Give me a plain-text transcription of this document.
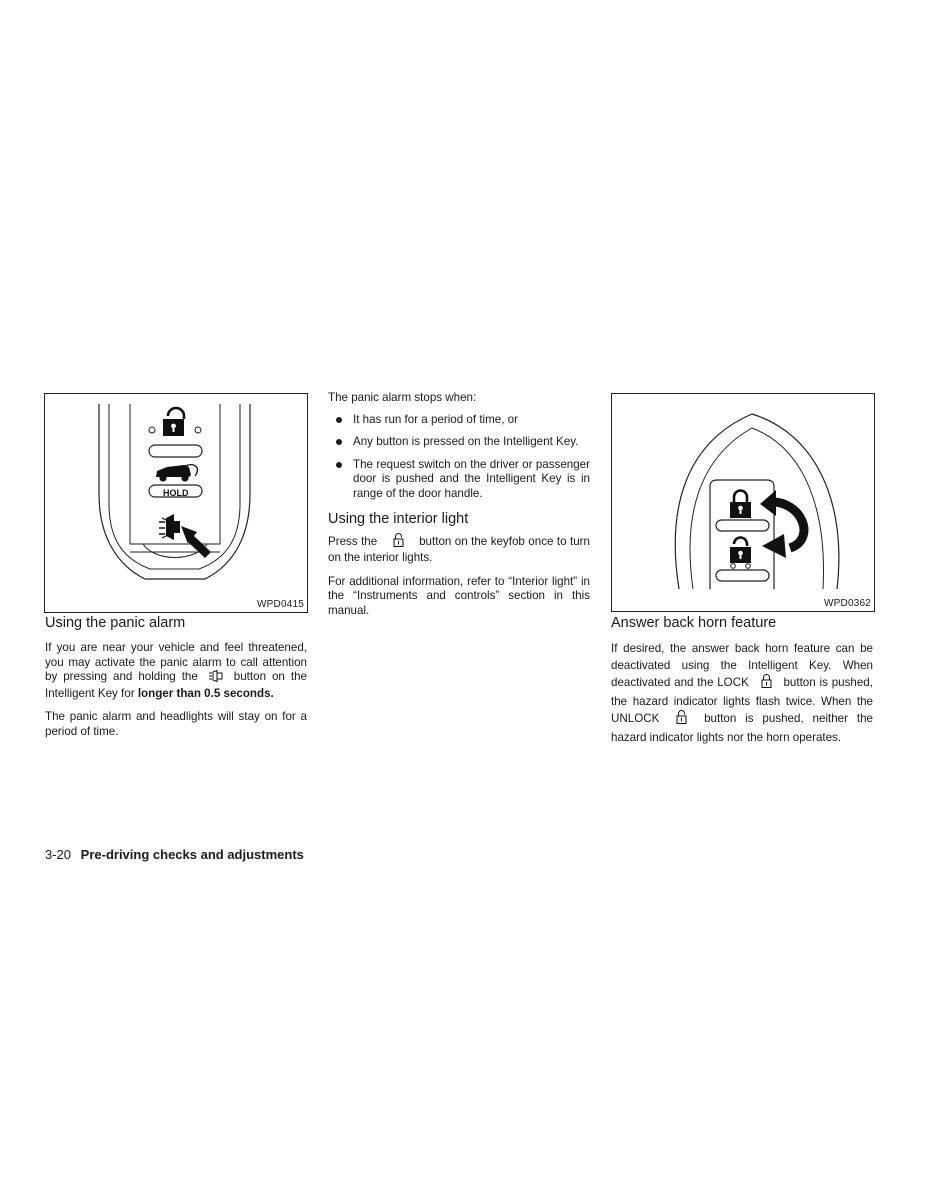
HOLD
WPD0415	WPD0362
Using the panic alarm

If you are near your vehicle and feel threatened, you may activate the panic alarm to call attention by pressing and holding the	button on the Intelligent Key for longer than 0.5 seconds.

The panic alarm and headlights will stay on for a period of time.

The panic alarm stops when:

It has run for a period of time, or
Any button is pressed on the Intelligent Key.
The request switch on the driver or passenger door is pushed and the Intelligent Key is in range of the door handle.
Using the interior light

Press the	button on the keyfob once to turn on the interior lights.

For additional information, refer to “Interior light” in the “Instruments and controls” section in this manual.

Answer back horn feature

If desired, the answer back horn feature can be deactivated using the Intelligent Key. When deactivated and the LOCK	button is pushed, the hazard indicator lights flash twice. When the UNLOCK	button is pushed, neither the hazard indicator lights nor the horn operates.

3-20 Pre-driving checks and adjustments
